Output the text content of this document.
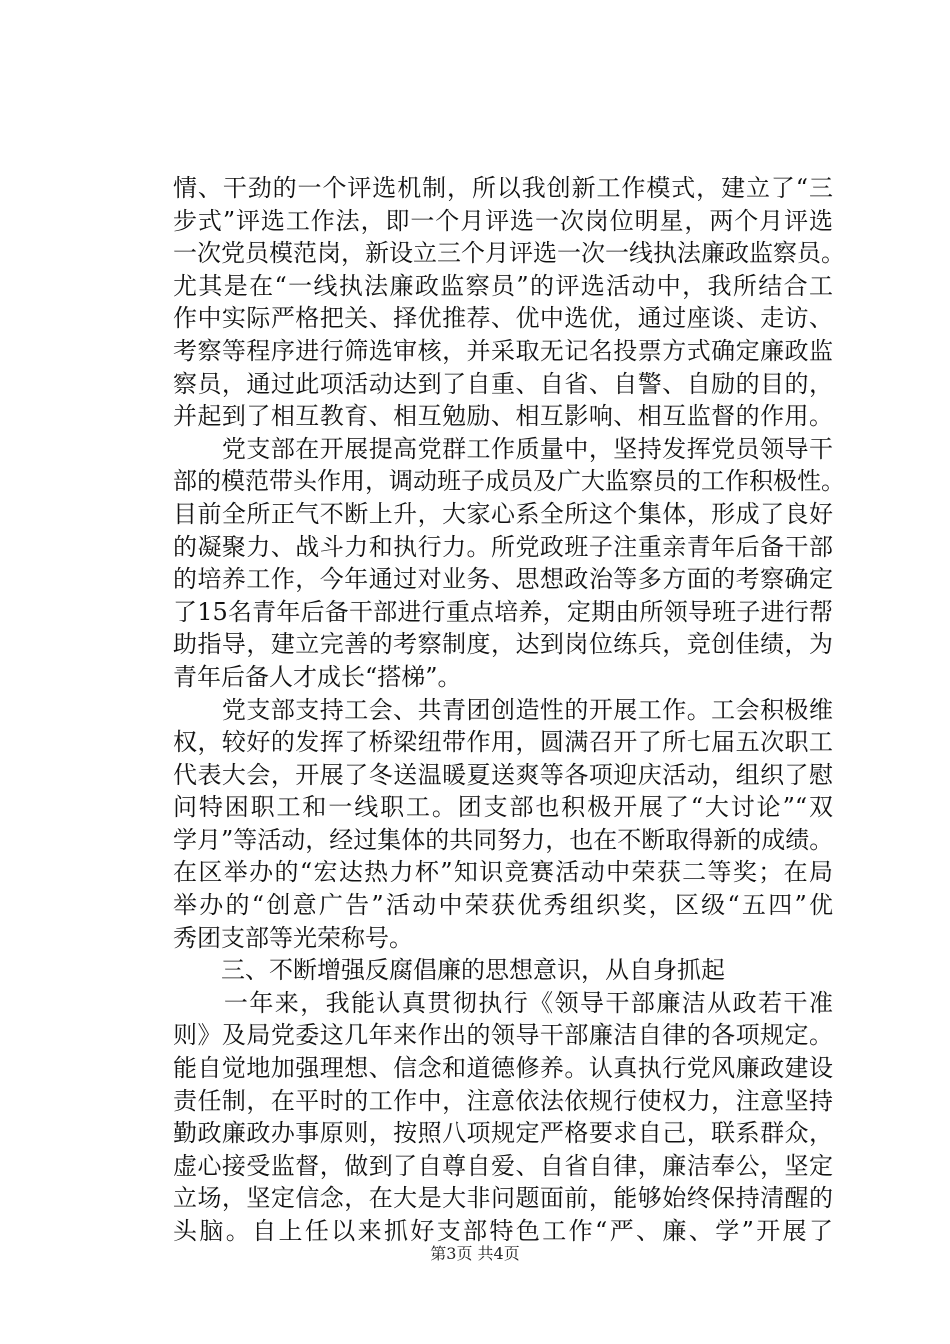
情、干劲的一个评选机制，所以我创新工作模式，建立了“三
步式”评选工作法，即一个月评选一次岗位明星，两个月评选
一次党员模范岗，新设立三个月评选一次一线执法廉政监察员。
尤其是在“一线执法廉政监察员”的评选活动中，我所结合工
作中实际严格把关、择优推荐、优中选优，通过座谈、走访、
考察等程序进行筛选审核，并采取无记名投票方式确定廉政监
察员，通过此项活动达到了自重、自省、自警、自励的目的，
并起到了相互教育、相互勉励、相互影响、相互监督的作用。
　　党支部在开展提高党群工作质量中，坚持发挥党员领导干
部的模范带头作用，调动班子成员及广大监察员的工作积极性。
目前全所正气不断上升，大家心系全所这个集体，形成了良好
的凝聚力、战斗力和执行力。所党政班子注重亲青年后备干部
的培养工作，今年通过对业务、思想政治等多方面的考察确定
了15名青年后备干部进行重点培养，定期由所领导班子进行帮
助指导，建立完善的考察制度，达到岗位练兵，竞创佳绩，为
青年后备人才成长“搭梯”。
　　党支部支持工会、共青团创造性的开展工作。工会积极维
权，较好的发挥了桥梁纽带作用，圆满召开了所七届五次职工
代表大会，开展了冬送温暖夏送爽等各项迎庆活动，组织了慰
问特困职工和一线职工。团支部也积极开展了“大讨论”“双
学月”等活动，经过集体的共同努力，也在不断取得新的成绩。
在区举办的“宏达热力杯”知识竞赛活动中荣获二等奖；在局
举办的“创意广告”活动中荣获优秀组织奖，区级“五四”优
秀团支部等光荣称号。
　　三、不断增强反腐倡廉的思想意识，从自身抓起
　　一年来，我能认真贯彻执行《领导干部廉洁从政若干准
则》及局党委这几年来作出的领导干部廉洁自律的各项规定。
能自觉地加强理想、信念和道德修养。认真执行党风廉政建设
责任制，在平时的工作中，注意依法依规行使权力，注意坚持
勤政廉政办事原则，按照八项规定严格要求自己，联系群众，
虚心接受监督，做到了自尊自爱、自省自律，廉洁奉公，坚定
立场，坚定信念，在大是大非问题面前，能够始终保持清醒的
头脑。自上任以来抓好支部特色工作“严、廉、学”开展了
第3页 共4页
